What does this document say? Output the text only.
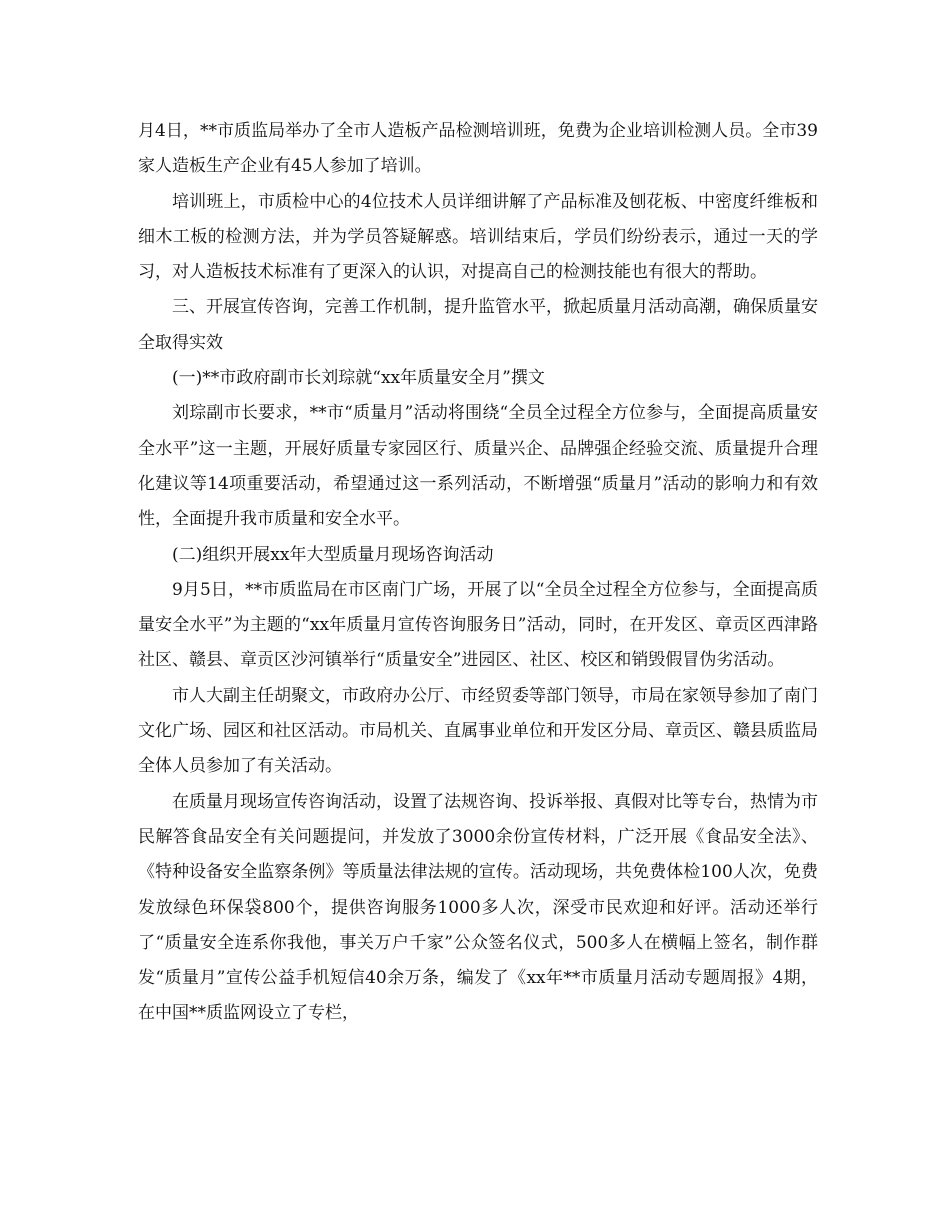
月4日，**市质监局举办了全市人造板产品检测培训班，免费为企业培训检测人员。全市39家人造板生产企业有45人参加了培训。

培训班上，市质检中心的4位技术人员详细讲解了产品标准及刨花板、中密度纤维板和细木工板的检测方法，并为学员答疑解惑。培训结束后，学员们纷纷表示，通过一天的学习，对人造板技术标准有了更深入的认识，对提高自己的检测技能也有很大的帮助。

三、开展宣传咨询，完善工作机制，提升监管水平，掀起质量月活动高潮，确保质量安全取得实效

(一)**市政府副市长刘琮就“xx年质量安全月”撰文

刘琮副市长要求，**市“质量月”活动将围绕“全员全过程全方位参与，全面提高质量安全水平”这一主题，开展好质量专家园区行、质量兴企、品牌强企经验交流、质量提升合理化建议等14项重要活动，希望通过这一系列活动，不断增强“质量月”活动的影响力和有效性，全面提升我市质量和安全水平。

(二)组织开展xx年大型质量月现场咨询活动

9月5日，**市质监局在市区南门广场，开展了以“全员全过程全方位参与，全面提高质量安全水平”为主题的“xx年质量月宣传咨询服务日”活动，同时，在开发区、章贡区西津路社区、赣县、章贡区沙河镇举行“质量安全”进园区、社区、校区和销毁假冒伪劣活动。

市人大副主任胡聚文，市政府办公厅、市经贸委等部门领导，市局在家领导参加了南门文化广场、园区和社区活动。市局机关、直属事业单位和开发区分局、章贡区、赣县质监局全体人员参加了有关活动。

在质量月现场宣传咨询活动，设置了法规咨询、投诉举报、真假对比等专台，热情为市民解答食品安全有关问题提问，并发放了3000余份宣传材料，广泛开展《食品安全法》、《特种设备安全监察条例》等质量法律法规的宣传。活动现场，共免费体检100人次，免费发放绿色环保袋800个，提供咨询服务1000多人次，深受市民欢迎和好评。活动还举行了“质量安全连系你我他，事关万户千家”公众签名仪式，500多人在横幅上签名，制作群发“质量月”宣传公益手机短信40余万条，编发了《xx年**市质量月活动专题周报》4期，在中国**质监网设立了专栏，
